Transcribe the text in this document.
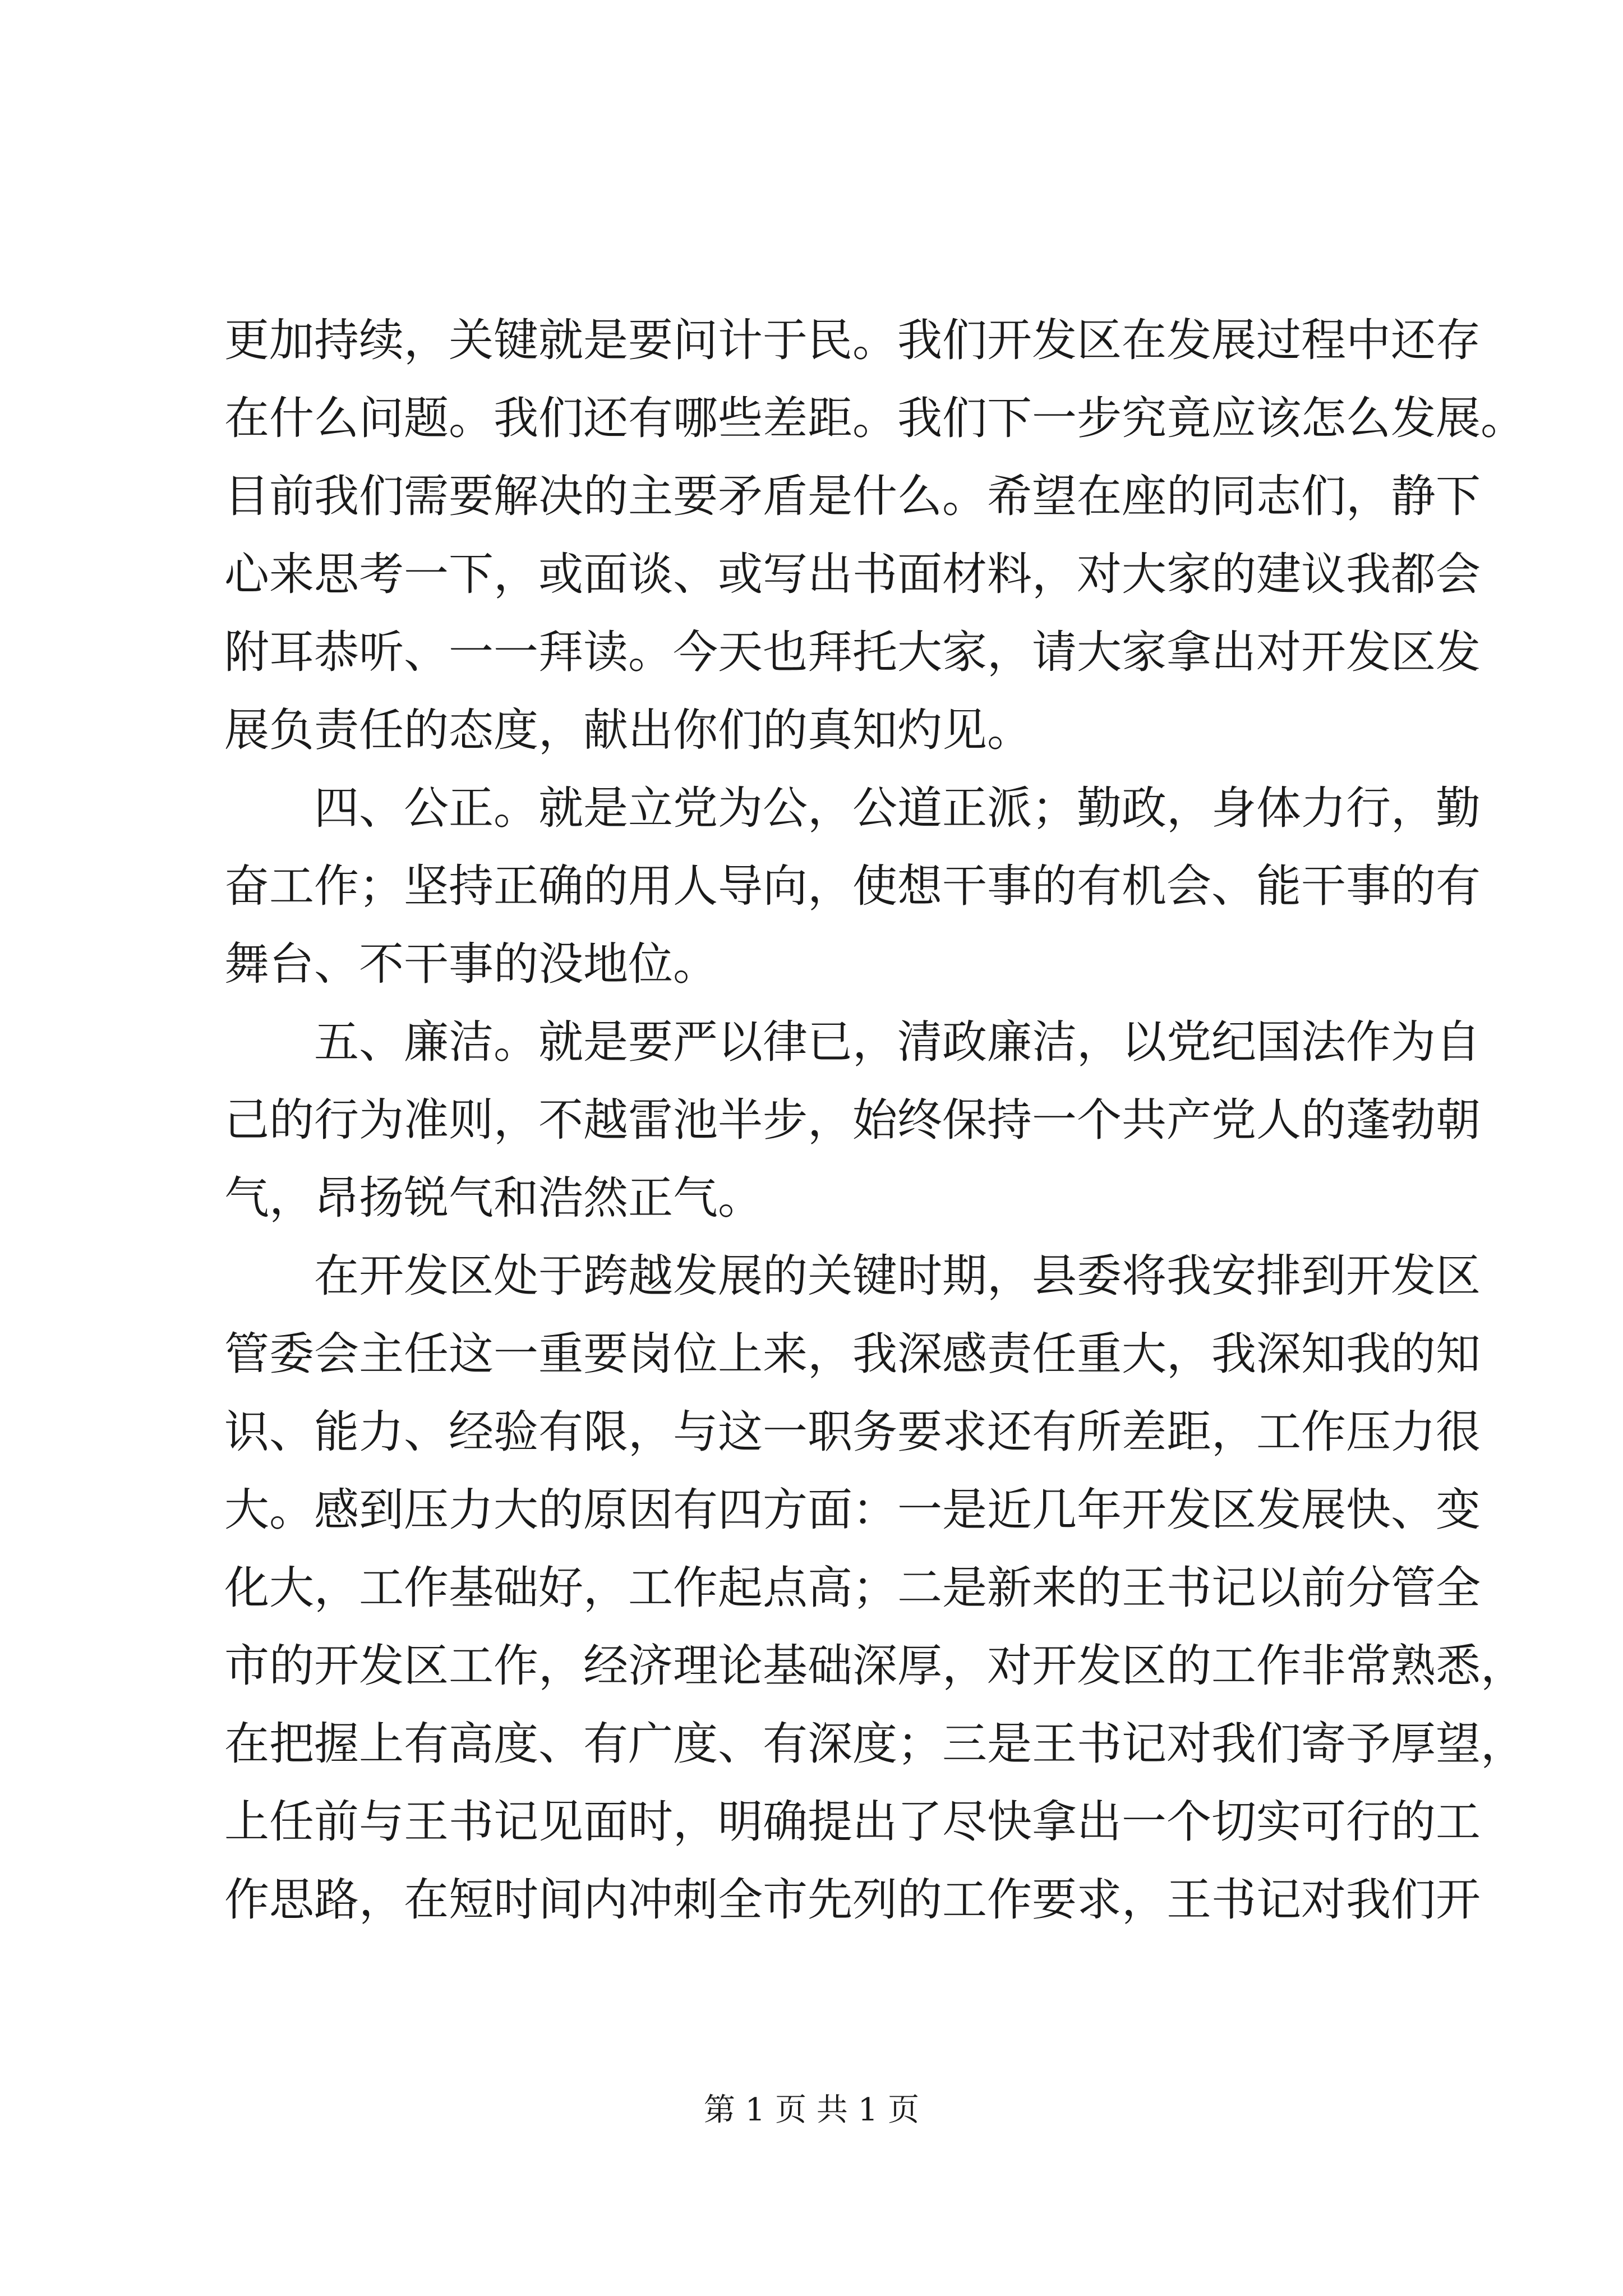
更加持续，关键就是要问计于民。我们开发区在发展过程中还存
在什么问题。我们还有哪些差距。我们下一步究竟应该怎么发展。
目前我们需要解决的主要矛盾是什么。希望在座的同志们，静下
心来思考一下，或面谈、或写出书面材料，对大家的建议我都会
附耳恭听、一一拜读。今天也拜托大家，请大家拿出对开发区发
展负责任的态度，献出你们的真知灼见。
四、公正。就是立党为公，公道正派；勤政，身体力行，勤
奋工作；坚持正确的用人导向，使想干事的有机会、能干事的有
舞台、不干事的没地位。
五、廉洁。就是要严以律已，清政廉洁，以党纪国法作为自
己的行为准则，不越雷池半步，始终保持一个共产党人的蓬勃朝
气，昂扬锐气和浩然正气。
在开发区处于跨越发展的关键时期，县委将我安排到开发区
管委会主任这一重要岗位上来，我深感责任重大，我深知我的知
识、能力、经验有限，与这一职务要求还有所差距，工作压力很
大。感到压力大的原因有四方面：一是近几年开发区发展快、变
化大，工作基础好，工作起点高；二是新来的王书记以前分管全
市的开发区工作，经济理论基础深厚，对开发区的工作非常熟悉，
在把握上有高度、有广度、有深度；三是王书记对我们寄予厚望，
上任前与王书记见面时，明确提出了尽快拿出一个切实可行的工
作思路，在短时间内冲刺全市先列的工作要求，王书记对我们开
第 1 页 共 1 页
